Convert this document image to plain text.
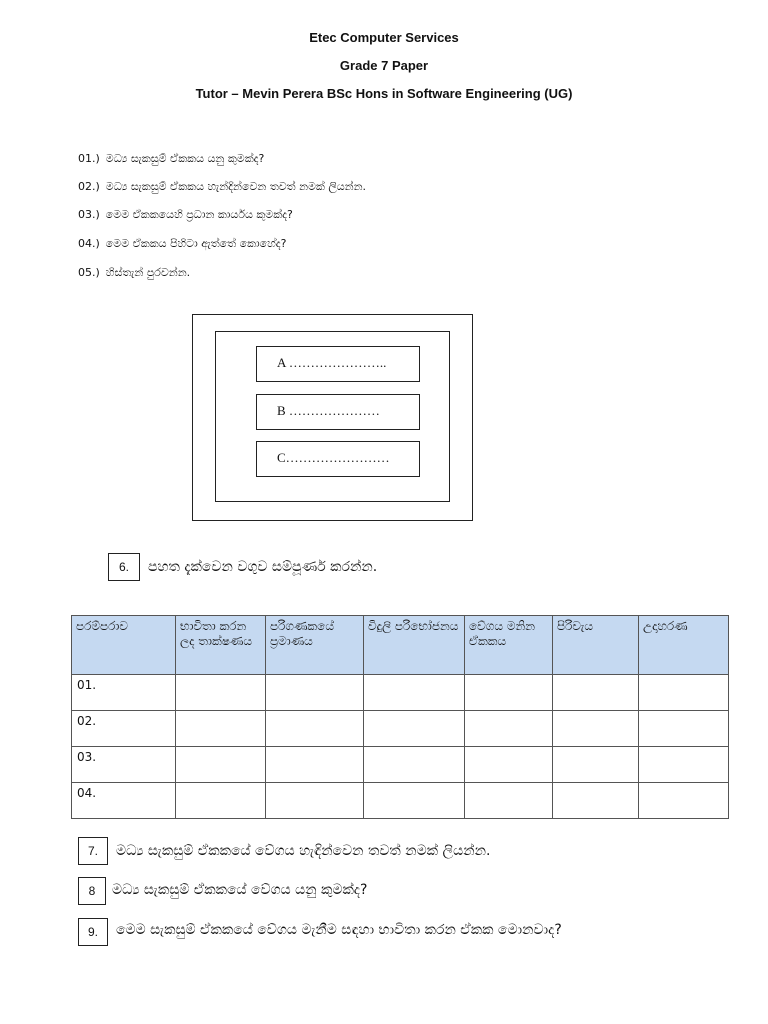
Etec Computer Services
Grade 7 Paper
Tutor – Mevin Perera BSc Hons in Software Engineering (UG)
01.) මධ්‍ය සැකසුම් ඒකකය යනු කුමක්ද?
02.) මධ්‍ය සැකසුම් ඒකකය හැන්දින්වෙන තවත් නමක් ලියන්න.
03.) මෙම ඒකකයෙහි ප්‍රධාන කාර්යය කුමක්ද?
04.) මෙම ඒකකය පිහිටා ඇත්තේ කොහේද?
05.) හිස්තැන් පුරවන්න.
A …………………..
B …………………
C……………………
6.	පහත දැක්වෙන වගුව සම්පූර්ණ කරන්න.
පරම්පරාව	භාවිතා කරන ලද තාක්ෂණය	පරිගණකයේ ප්‍රමාණය	විදුලි පරිභෝජනය	වේගය මනින ඒකකය	පිරිවැය	උදාහරණ
01.						
02.						
03.						
04.						
7.	මධ්‍ය සැකසුම් ඒකකයේ වේගය හැඳින්වෙන තවත් නමක් ලියන්න.
8	මධ්‍ය සැකසුම් ඒකකයේ වේගය යනු කුමක්ද?
9.	මෙම සැකසුම් ඒකකයේ වේගය මැනීම සඳහා භාවිතා කරන ඒකක මොනවාද?
